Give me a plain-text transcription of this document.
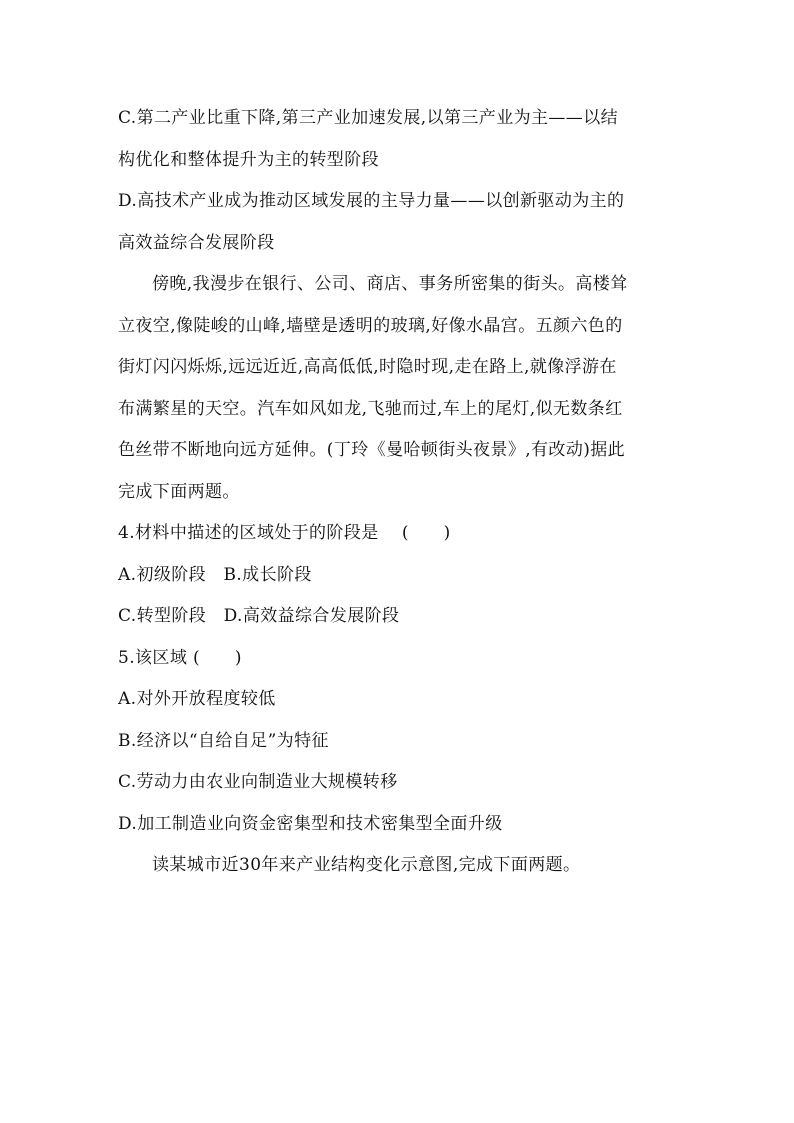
C.第二产业比重下降,第三产业加速发展,以第三产业为主——以结
构优化和整体提升为主的转型阶段
D.高技术产业成为推动区域发展的主导力量——以创新驱动为主的
高效益综合发展阶段
傍晚,我漫步在银行、公司、商店、事务所密集的街头。高楼耸
立夜空,像陡峻的山峰,墙壁是透明的玻璃,好像水晶宫。五颜六色的
街灯闪闪烁烁,远远近近,高高低低,时隐时现,走在路上,就像浮游在
布满繁星的天空。汽车如风如龙,飞驰而过,车上的尾灯,似无数条红
色丝带不断地向远方延伸。(丁玲《曼哈顿街头夜景》,有改动)据此
完成下面两题。
4.材料中描述的区域处于的阶段是　 (　　)
A.初级阶段　B.成长阶段
C.转型阶段　D.高效益综合发展阶段
5.该区域 (　　)
A.对外开放程度较低
B.经济以“自给自足”为特征
C.劳动力由农业向制造业大规模转移
D.加工制造业向资金密集型和技术密集型全面升级
读某城市近30年来产业结构变化示意图,完成下面两题。
